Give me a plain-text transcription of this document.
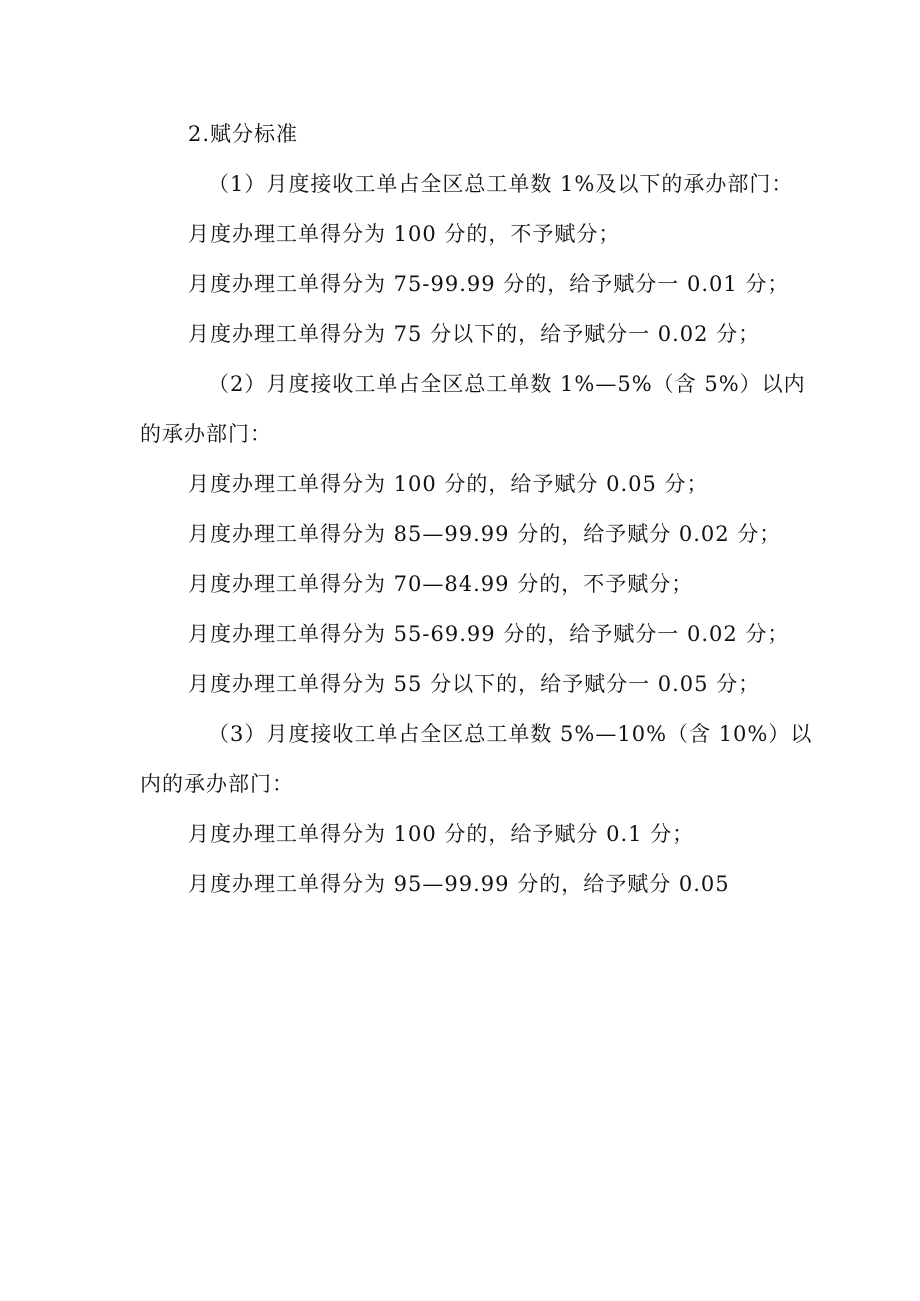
2.赋分标准
（1）月度接收工单占全区总工单数 1%及以下的承办部门：
月度办理工单得分为 100 分的，不予赋分；
月度办理工单得分为 75-99.99 分的，给予赋分一 0.01 分；
月度办理工单得分为 75 分以下的，给予赋分一 0.02 分；
（2）月度接收工单占全区总工单数 1%—5%（含 5%）以内
的承办部门：
月度办理工单得分为 100 分的，给予赋分 0.05 分；
月度办理工单得分为 85—99.99 分的，给予赋分 0.02 分；
月度办理工单得分为 70—84.99 分的，不予赋分；
月度办理工单得分为 55-69.99 分的，给予赋分一 0.02 分；
月度办理工单得分为 55 分以下的，给予赋分一 0.05 分；
（3）月度接收工单占全区总工单数 5%—10%（含 10%）以
内的承办部门：
月度办理工单得分为 100 分的，给予赋分 0.1 分；
月度办理工单得分为 95—99.99 分的，给予赋分 0.05
